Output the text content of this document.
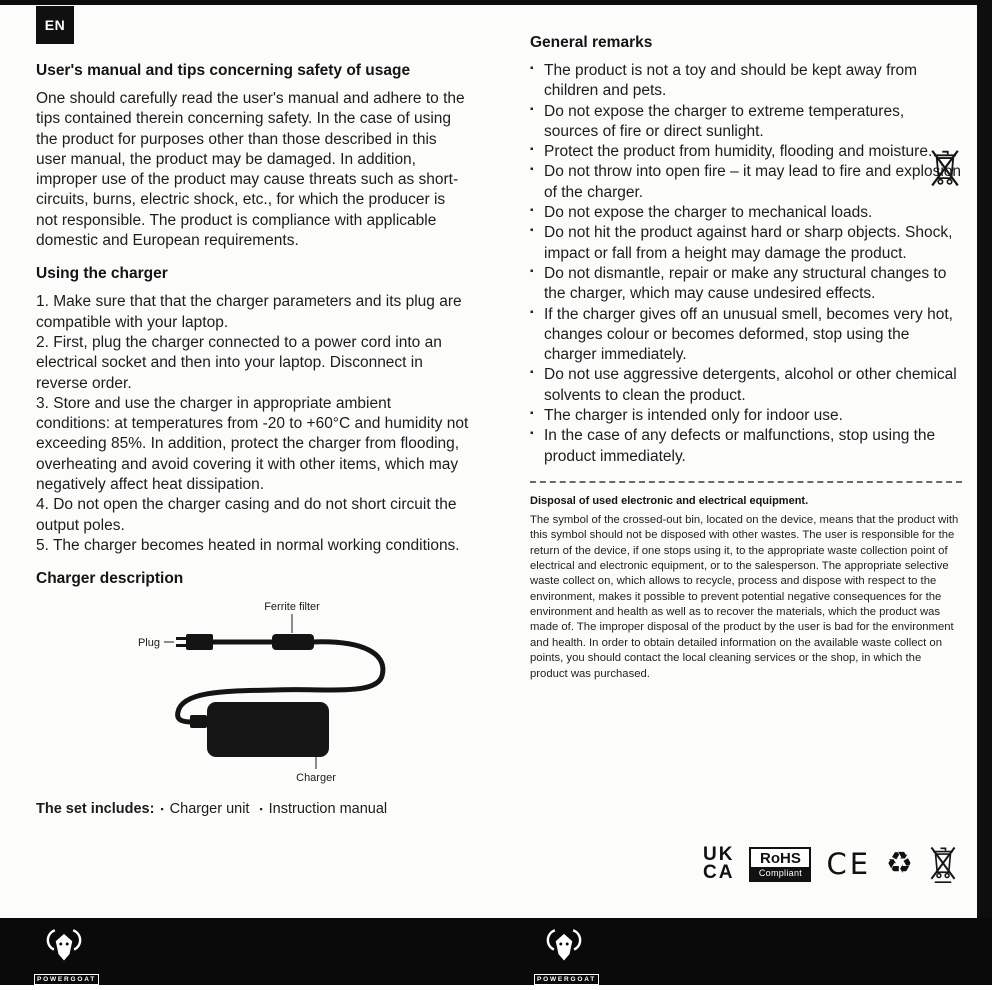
EN
User's manual and tips concerning safety of usage

One should carefully read the user's manual and adhere to the tips contained therein concerning safety. In the case of using the product for purposes other than those described in this user manual, the product may be damaged. In addition, improper use of the product may cause threats such as short-circuits, burns, electric shock, etc., for which the producer is not responsible. The product is compliance with applicable domestic and European requirements.

Using the charger

1. Make sure that that the charger parameters and its plug are compatible with your laptop.

2. First, plug the charger connected to a power cord into an electrical socket and then into your laptop. Disconnect in reverse order.

3. Store and use the charger in appropriate ambient conditions: at temperatures from -20 to +60°C and humidity not exceeding 85%. In addition, protect the charger from flooding, overheating and avoid covering it with other items, which may negatively affect heat dissipation.

4. Do not open the charger casing and do not short circuit the output poles.

5. The charger becomes heated in normal working conditions.

Charger description
Ferrite filter
Plug
Charger

The set includes: ▪ Charger unit ▪ Instruction manual

General remarks
▪ The product is not a toy and should be kept away from children and pets.
▪ Do not expose the charger to extreme temperatures, sources of fire or direct sunlight.
▪ Protect the product from humidity, flooding and moisture.
▪ Do not throw into open fire – it may lead to fire and explosion of the charger.
▪ Do not expose the charger to mechanical loads.
▪ Do not hit the product against hard or sharp objects. Shock, impact or fall from a height may damage the product.
▪ Do not dismantle, repair or make any structural changes to the charger, which may cause undesired effects.
▪ If the charger gives off an unusual smell, becomes very hot, changes colour or becomes deformed, stop using the charger immediately.
▪ Do not use aggressive detergents, alcohol or other chemical solvents to clean the product.
▪ The charger is intended only for indoor use.
▪ In the case of any defects or malfunctions, stop using the product immediately.

Disposal of used electronic and electrical equipment.

The symbol of the crossed-out bin, located on the device, means that the product with this symbol should not be disposed with other wastes. The user is responsible for the return of the device, if one stops using it, to the appropriate waste collection point of electrical and electronic equipment, or to the salesperson. The appropriate selective waste collect on, which allows to recycle, process and dispose with respect to the environment, makes it possible to prevent potential negative consequences for the environment and health as well as to recover the materials, which the product was made of. The improper disposal of the product by the user is bad for the environment and health. In order to obtain detailed information on the available waste collect on points, you should contact the local cleaning services or the shop, in which the product was purchased.

UK
CA
RoHS
Compliant CE ♻
POWERGOAT	POWERGOAT
